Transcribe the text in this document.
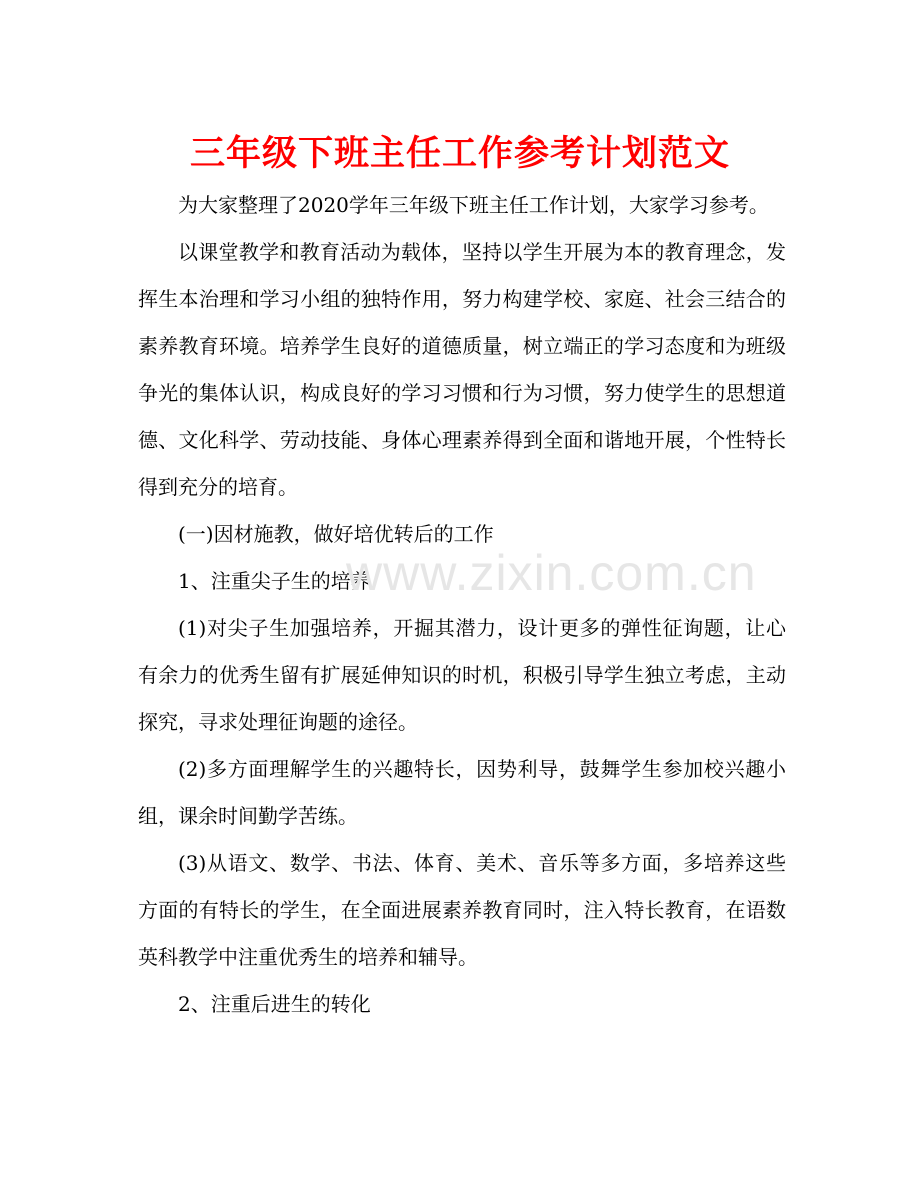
三年级下班主任工作参考计划范文

为大家整理了2020学年三年级下班主任工作计划，大家学习参考。

以课堂教学和教育活动为载体，坚持以学生开展为本的教育理念，发挥生本治理和学习小组的独特作用，努力构建学校、家庭、社会三结合的素养教育环境。培养学生良好的道德质量，树立端正的学习态度和为班级争光的集体认识，构成良好的学习习惯和行为习惯，努力使学生的思想道德、文化科学、劳动技能、身体心理素养得到全面和谐地开展，个性特长得到充分的培育。

(一)因材施教，做好培优转后的工作

1、注重尖子生的培养

(1)对尖子生加强培养，开掘其潜力，设计更多的弹性征询题，让心有余力的优秀生留有扩展延伸知识的时机，积极引导学生独立考虑，主动探究，寻求处理征询题的途径。

(2)多方面理解学生的兴趣特长，因势利导，鼓舞学生参加校兴趣小组，课余时间勤学苦练。

(3)从语文、数学、书法、体育、美术、音乐等多方面，多培养这些方面的有特长的学生，在全面进展素养教育同时，注入特长教育，在语数英科教学中注重优秀生的培养和辅导。

2、注重后进生的转化

www.zixin.com.cn
